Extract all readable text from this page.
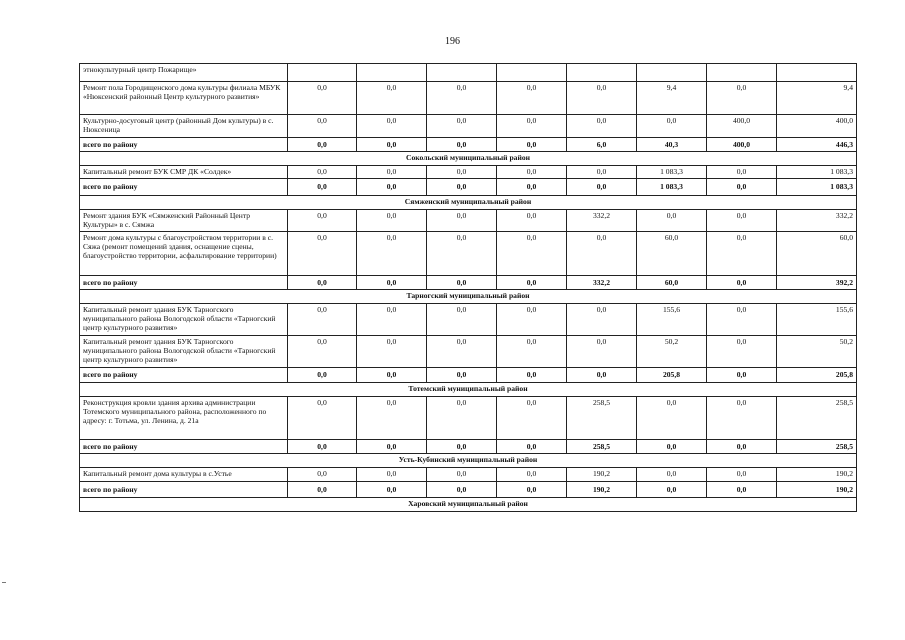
196
этнокультурный центр Пожарище»								
Ремонт пола Городищенского дома культуры филиала МБУК «Нюксенский районный Центр культурного развития»	0,0	0,0	0,0	0,0	0,0	9,4	0,0	9,4
Культурно-досуговый центр (районный Дом культуры) в с. Нюксеница	0,0	0,0	0,0	0,0	0,0	0,0	400,0	400,0
всего по району	0,0	0,0	0,0	0,0	6,0	40,3	400,0	446,3
Сокольский муниципальный район								
Капитальный ремонт БУК СМР ДК «Солдек»	0,0	0,0	0,0	0,0	0,0	1 083,3	0,0	1 083,3
всего по району	0,0	0,0	0,0	0,0	0,0	1 083,3	0,0	1 083,3
Сямженский муниципальный район								
Ремонт здания БУК «Сямженский Районный Центр Культуры» в с. Сямжа	0,0	0,0	0,0	0,0	332,2	0,0	0,0	332,2
Ремонт дома культуры с благоустройством территории в с. Сяжа (ремонт помещений здания, оснащение сцены, благоустройство территории, асфальтирование территории)	0,0	0,0	0,0	0,0	0,0	60,0	0,0	60,0
всего по району	0,0	0,0	0,0	0,0	332,2	60,0	0,0	392,2
Тарногский муниципальный район								
Капитальный ремонт здания БУК Тарногского муниципального района Вологодской области «Тарногский центр культурного развития»	0,0	0,0	0,0	0,0	0,0	155,6	0,0	155,6
Капитальный ремонт здания БУК Тарногского муниципального района Вологодской области «Тарногский центр культурного развития»	0,0	0,0	0,0	0,0	0,0	50,2	0,0	50,2
всего по району	0,0	0,0	0,0	0,0	0,0	205,8	0,0	205,8
Тотемский муниципальный район								
Реконструкция кровли здания архива администрации Тотемского муниципального района, расположенного по адресу: г. Тотьма, ул. Ленина, д. 21а	0,0	0,0	0,0	0,0	258,5	0,0	0,0	258,5
всего по району	0,0	0,0	0,0	0,0	258,5	0,0	0,0	258,5
Усть-Кубинский муниципальный район								
Капитальный ремонт дома культуры в с.Устье	0,0	0,0	0,0	0,0	190,2	0,0	0,0	190,2
всего по району	0,0	0,0	0,0	0,0	190,2	0,0	0,0	190,2
Харовский муниципальный район								
